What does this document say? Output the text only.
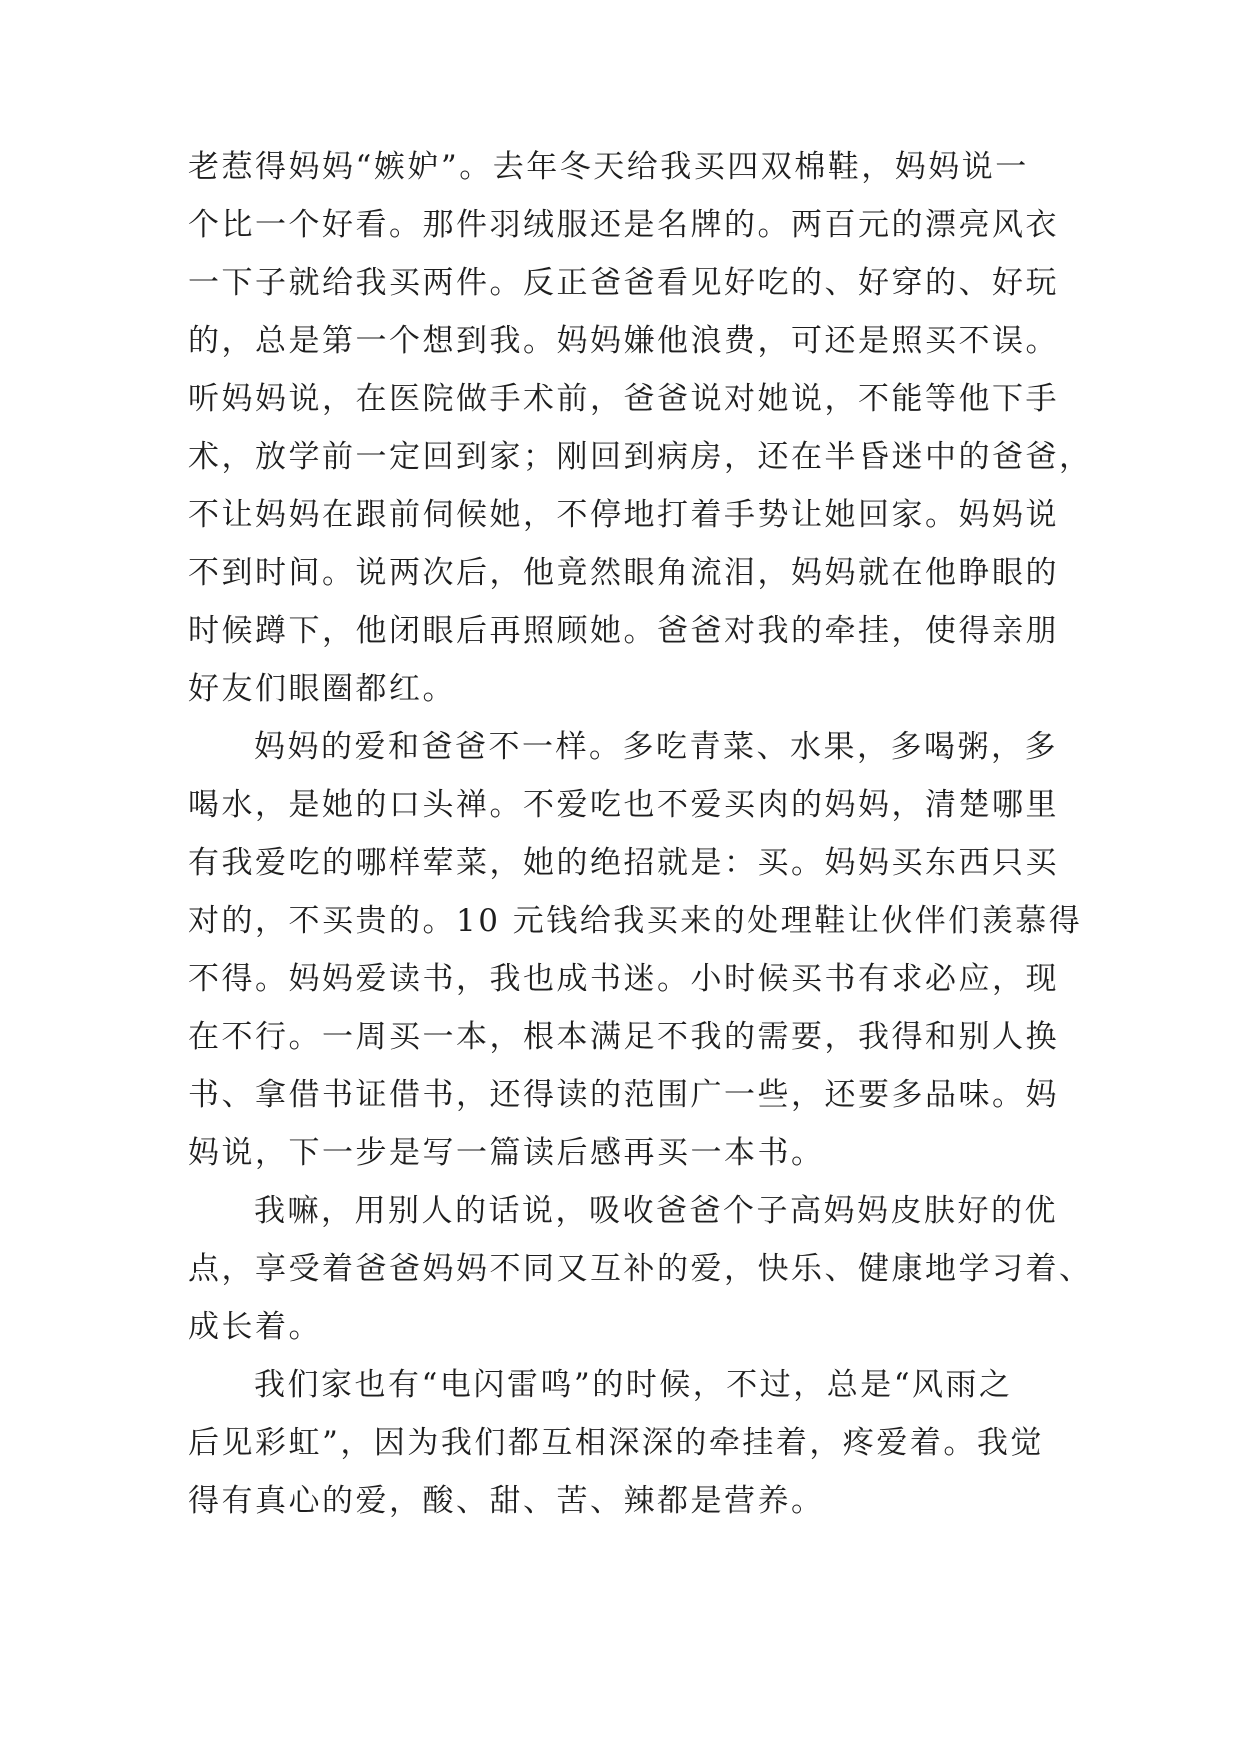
老惹得妈妈“嫉妒”。去年冬天给我买四双棉鞋，妈妈说一
个比一个好看。那件羽绒服还是名牌的。两百元的漂亮风衣
一下子就给我买两件。反正爸爸看见好吃的、好穿的、好玩
的，总是第一个想到我。妈妈嫌他浪费，可还是照买不误。
听妈妈说，在医院做手术前，爸爸说对她说，不能等他下手
术，放学前一定回到家；刚回到病房，还在半昏迷中的爸爸，
不让妈妈在跟前伺候她，不停地打着手势让她回家。妈妈说
不到时间。说两次后，他竟然眼角流泪，妈妈就在他睁眼的
时候蹲下，他闭眼后再照顾她。爸爸对我的牵挂，使得亲朋
好友们眼圈都红。
妈妈的爱和爸爸不一样。多吃青菜、水果，多喝粥，多
喝水，是她的口头禅。不爱吃也不爱买肉的妈妈，清楚哪里
有我爱吃的哪样荤菜，她的绝招就是：买。妈妈买东西只买
对的，不买贵的。10 元钱给我买来的处理鞋让伙伴们羡慕得
不得。妈妈爱读书，我也成书迷。小时候买书有求必应，现
在不行。一周买一本，根本满足不我的需要，我得和别人换
书、拿借书证借书，还得读的范围广一些，还要多品味。妈
妈说，下一步是写一篇读后感再买一本书。
我嘛，用别人的话说，吸收爸爸个子高妈妈皮肤好的优
点，享受着爸爸妈妈不同又互补的爱，快乐、健康地学习着、
成长着。
我们家也有“电闪雷鸣”的时候，不过，总是“风雨之
后见彩虹”，因为我们都互相深深的牵挂着，疼爱着。我觉
得有真心的爱，酸、甜、苦、辣都是营养。
